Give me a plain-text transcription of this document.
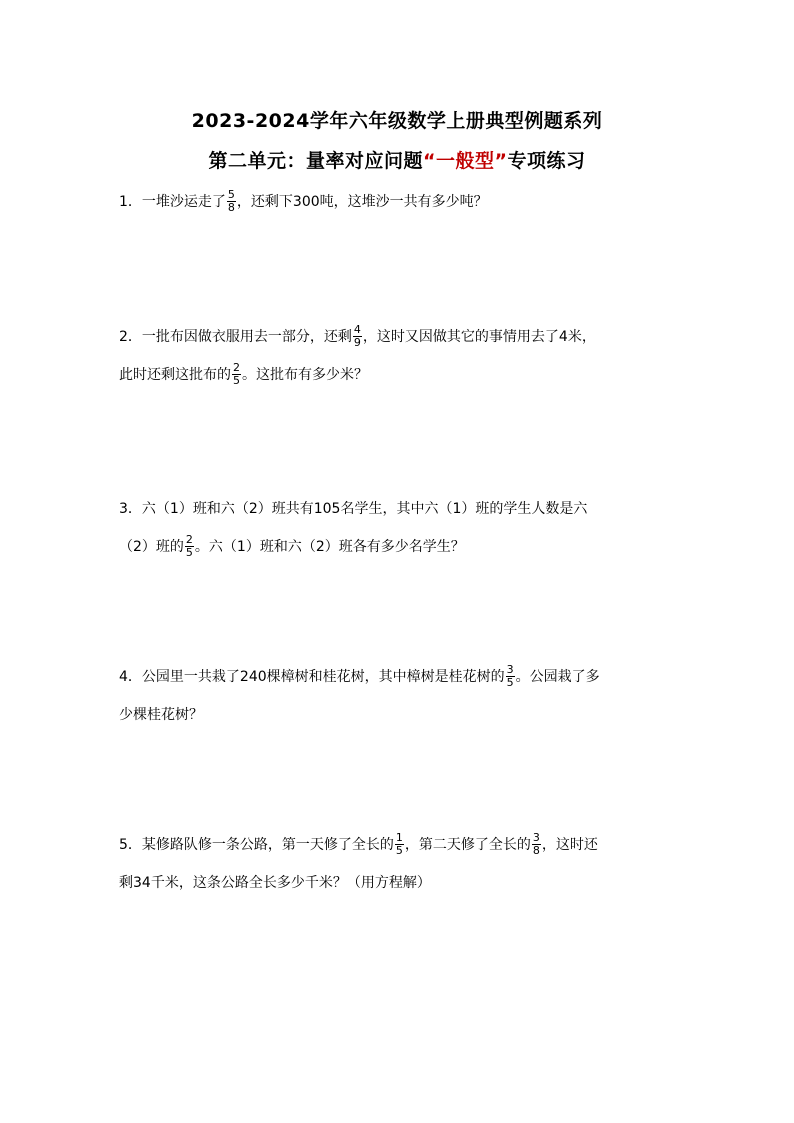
2023-2024学年六年级数学上册典型例题系列
第二单元：量率对应问题“一般型”专项练习
1．一堆沙运走了 $\frac{5}{8}$ ，还剩下300吨，这堆沙一共有多少吨？
2．一批布因做衣服用去一部分，还剩 $\frac{4}{9}$ ，这时又因做其它的事情用去了4米，
此时还剩这批布的 $\frac{2}{5}$ 。这批布有多少米？
3．六（1）班和六（2）班共有105名学生，其中六（1）班的学生人数是六
（2）班的 $\frac{2}{5}$ 。六（1）班和六（2）班各有多少名学生？
4．公园里一共栽了240棵樟树和桂花树，其中樟树是桂花树的 $\frac{3}{5}$ 。公园栽了多
少棵桂花树？
5．某修路队修一条公路，第一天修了全长的 $\frac{1}{5}$ ，第二天修了全长的 $\frac{3}{8}$ ，这时还
剩34千米，这条公路全长多少千米？（用方程解）
